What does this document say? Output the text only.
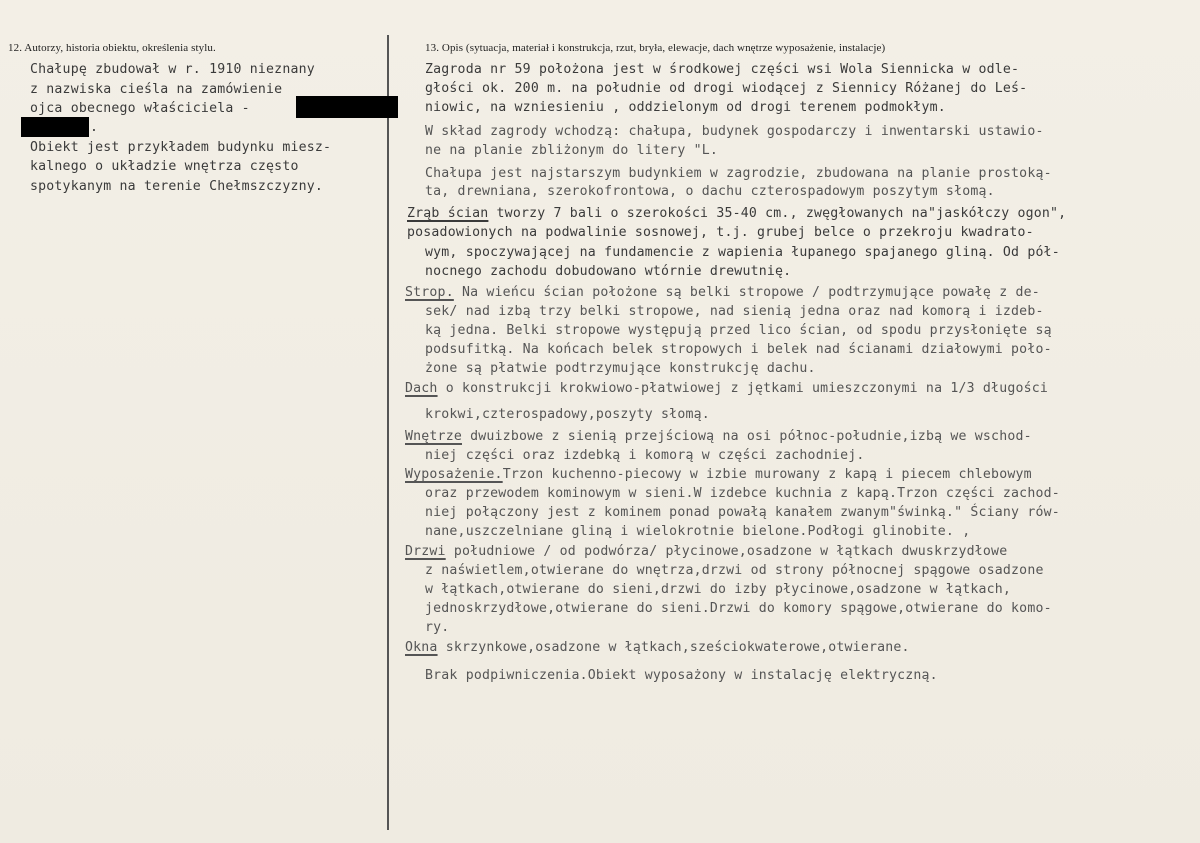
12. Autorzy, historia obiektu, określenia stylu.
Chałupę zbudował w r. 1910 nieznany
z nazwiska cieśla na zamówienie
ojca obecnego właściciela -
.
Obiekt jest przykładem budynku miesz-
kalnego o układzie wnętrza często
spotykanym na terenie Chełmszczyzny.
13. Opis (sytuacja, materiał i konstrukcja, rzut, bryła, elewacje, dach wnętrze wyposażenie, instalacje)
Zagroda nr 59 położona jest w środkowej części wsi Wola Siennicka w odle-
głości ok. 200 m. na południe od drogi wiodącej z Siennicy Różanej do Leś-
niowic, na wzniesieniu , oddzielonym od drogi terenem podmokłym.
W skład zagrody wchodzą: chałupa, budynek gospodarczy i inwentarski ustawio-
ne na planie zbliżonym do litery "L.
Chałupa jest najstarszym budynkiem w zagrodzie, zbudowana na planie prostoką-
ta, drewniana, szerokofrontowa, o dachu czterospadowym poszytym słomą.
Zrąb ścian tworzy 7 bali o szerokości 35-40 cm., zwęgłowanych na"jaskółczy ogon",
posadowionych na podwalinie sosnowej, t.j. grubej belce o przekroju kwadrato-
wym, spoczywającej na fundamencie z wapienia łupanego spajanego gliną. Od pół-
nocnego zachodu dobudowano wtórnie drewutnię.
Strop. Na wieńcu ścian położone są belki stropowe / podtrzymujące powałę z de-
sek/ nad izbą trzy belki stropowe, nad sienią jedna oraz nad komorą i izdeb-
ką jedna. Belki stropowe występują przed lico ścian, od spodu przysłonięte są
podsufitką. Na końcach belek stropowych i belek nad ścianami działowymi poło-
żone są płatwie podtrzymujące konstrukcję dachu.
Dach o konstrukcji krokwiowo-płatwiowej z jętkami umieszczonymi na 1/3 długości
krokwi,czterospadowy,poszyty słomą.
Wnętrze dwuizbowe z sienią przejściową na osi północ-południe,izbą we wschod-
niej części oraz izdebką i komorą w części zachodniej.
Wyposażenie.Trzon kuchenno-piecowy w izbie murowany z kapą i piecem chlebowym
oraz przewodem kominowym w sieni.W izdebce kuchnia z kapą.Trzon części zachod-
niej połączony jest z kominem ponad powałą kanałem zwanym"świnką." Ściany rów-
nane,uszczelniane gliną i wielokrotnie bielone.Podłogi glinobite. ,
Drzwi południowe / od podwórza/ płycinowe,osadzone w łątkach dwuskrzydłowe
z naświetlem,otwierane do wnętrza,drzwi od strony północnej spągowe osadzone
w łątkach,otwierane do sieni,drzwi do izby płycinowe,osadzone w łątkach,
jednoskrzydłowe,otwierane do sieni.Drzwi do komory spągowe,otwierane do komo-
ry.
Okna skrzynkowe,osadzone w łątkach,sześciokwaterowe,otwierane.
Brak podpiwniczenia.Obiekt wyposażony w instalację elektryczną.
